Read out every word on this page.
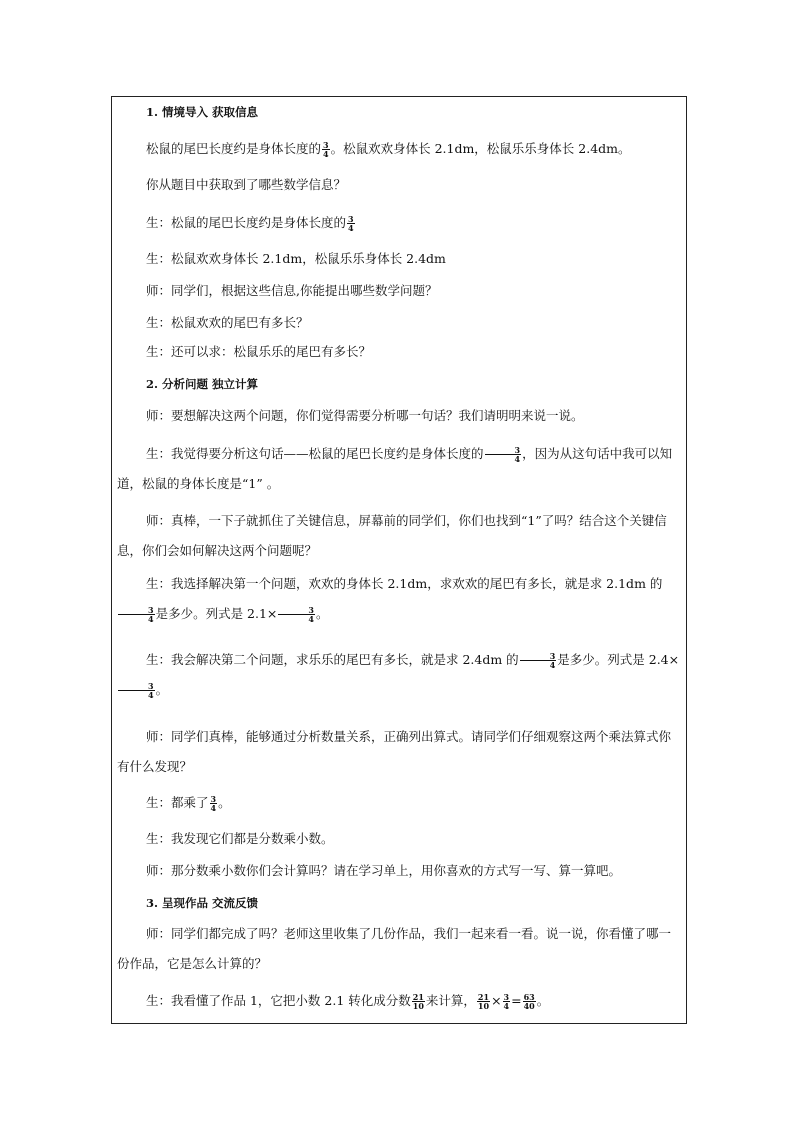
1. 情境导入 获取信息
松鼠的尾巴长度约是身体长度的 $\frac{3}{4}$ 。松鼠欢欢身体长 2.1dm，松鼠乐乐身体长 2.4dm。
你从题目中获取到了哪些数学信息？
生：松鼠的尾巴长度约是身体长度的 $\frac{3}{4}$
生：松鼠欢欢身体长 2.1dm，松鼠乐乐身体长 2.4dm
师：同学们，根据这些信息,你能提出哪些数学问题？
生：松鼠欢欢的尾巴有多长？
生：还可以求：松鼠乐乐的尾巴有多长？
2. 分析问题 独立计算
师：要想解决这两个问题，你们觉得需要分析哪一句话？我们请明明来说一说。
生：我觉得要分析这句话——松鼠的尾巴长度约是身体长度的 $\frac{3}{4}$ ，因为从这句话中我可以知道，松鼠的身体长度是“1” 。
师：真棒，一下子就抓住了关键信息，屏幕前的同学们，你们也找到“1”了吗？结合这个关键信息，你们会如何解决这两个问题呢？
生：我选择解决第一个问题，欢欢的身体长 2.1dm，求欢欢的尾巴有多长，就是求 2.1dm 的
$\frac{3}{4}$ 是多少。列式是 $2.1\times \frac{3}{4}$ 。
生：我会解决第二个问题，求乐乐的尾巴有多长，就是求 2.4dm 的 $\frac{3}{4}$ 是多少。列式是 2.4×
$\frac{3}{4}$ 。
师：同学们真棒，能够通过分析数量关系，正确列出算式。请同学们仔细观察这两个乘法算式你有什么发现？
生：都乘了 $\frac{3}{4}$ 。
生：我发现它们都是分数乘小数。
师：那分数乘小数你们会计算吗？请在学习单上，用你喜欢的方式写一写、算一算吧。
3. 呈现作品 交流反馈
师：同学们都完成了吗？老师这里收集了几份作品，我们一起来看一看。说一说，你看懂了哪一份作品，它是怎么计算的？
生：我看懂了作品 1，它把小数 2.1 转化成分数 $\frac{21}{10}$ 来计算， $\frac{21}{10} \times \frac{3}{4} = \frac{63}{40}$ 。
